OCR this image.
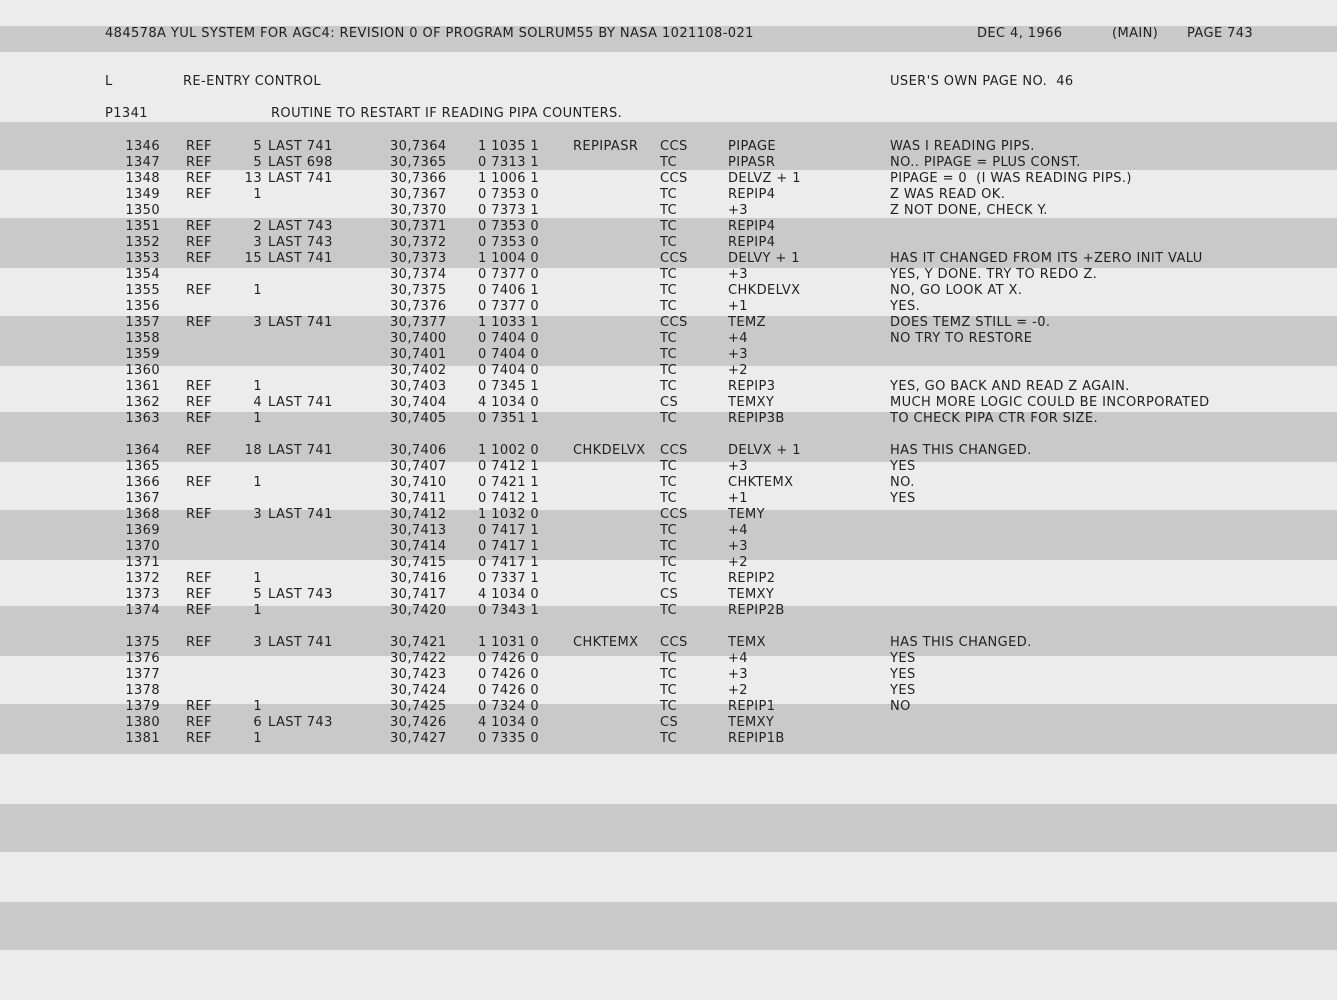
484578A YUL SYSTEM FOR AGC4: REVISION 0 OF PROGRAM SOLRUM55 BY NASA 1021108-021	DEC 4, 1966	(MAIN) PAGE 743
L	RE-ENTRY CONTROL	USER'S OWN PAGE NO.  46
P1341	ROUTINE TO RESTART IF READING PIPA COUNTERS.
1346 REF	5 LAST 741	30,7364 1 1035 1	REPIPASR CCS	PIPAGE	WAS I READING PIPS.
1347 REF	5 LAST 698	30,7365 0 7313 1	TC	PIPASR	NO.. PIPAGE = PLUS CONST.
1348 REF	13 LAST 741	30,7366 1 1006 1	CCS	DELVZ + 1	PIPAGE = 0  (I WAS READING PIPS.)
1349 REF	1	30,7367 0 7353 0	TC	REPIP4	Z WAS READ OK.
1350	30,7370 0 7373 1	TC	+3	Z NOT DONE, CHECK Y.
1351 REF	2 LAST 743	30,7371 0 7353 0	TC	REPIP4
1352 REF	3 LAST 743	30,7372 0 7353 0	TC	REPIP4
1353 REF	15 LAST 741	30,7373 1 1004 0	CCS	DELVY + 1	HAS IT CHANGED FROM ITS +ZERO INIT VALU
1354	30,7374 0 7377 0	TC	+3	YES, Y DONE. TRY TO REDO Z.
1355 REF	1	30,7375 0 7406 1	TC	CHKDELVX	NO, GO LOOK AT X.
1356	30,7376 0 7377 0	TC	+1	YES.
1357 REF	3 LAST 741	30,7377 1 1033 1	CCS	TEMZ	DOES TEMZ STILL = -0.
1358	30,7400 0 7404 0	TC	+4	NO TRY TO RESTORE
1359	30,7401 0 7404 0	TC	+3
1360	30,7402 0 7404 0	TC	+2
1361 REF	1	30,7403 0 7345 1	TC	REPIP3	YES, GO BACK AND READ Z AGAIN.
1362 REF	4 LAST 741	30,7404 4 1034 0	CS	TEMXY	MUCH MORE LOGIC COULD BE INCORPORATED
1363 REF	1	30,7405 0 7351 1	TC	REPIP3B	TO CHECK PIPA CTR FOR SIZE.
1364 REF	18 LAST 741	30,7406 1 1002 0	CHKDELVX CCS	DELVX + 1	HAS THIS CHANGED.
1365	30,7407 0 7412 1	TC	+3	YES
1366 REF	1	30,7410 0 7421 1	TC	CHKTEMX	NO.
1367	30,7411 0 7412 1	TC	+1	YES
1368 REF	3 LAST 741	30,7412 1 1032 0	CCS	TEMY
1369	30,7413 0 7417 1	TC	+4
1370	30,7414 0 7417 1	TC	+3
1371	30,7415 0 7417 1	TC	+2
1372 REF	1	30,7416 0 7337 1	TC	REPIP2
1373 REF	5 LAST 743	30,7417 4 1034 0	CS	TEMXY
1374 REF	1	30,7420 0 7343 1	TC	REPIP2B
1375 REF	3 LAST 741	30,7421 1 1031 0	CHKTEMX CCS	TEMX	HAS THIS CHANGED.
1376	30,7422 0 7426 0	TC	+4	YES
1377	30,7423 0 7426 0	TC	+3	YES
1378	30,7424 0 7426 0	TC	+2	YES
1379 REF	1	30,7425 0 7324 0	TC	REPIP1	NO
1380 REF	6 LAST 743	30,7426 4 1034 0	CS	TEMXY
1381 REF	1	30,7427 0 7335 0	TC	REPIP1B
